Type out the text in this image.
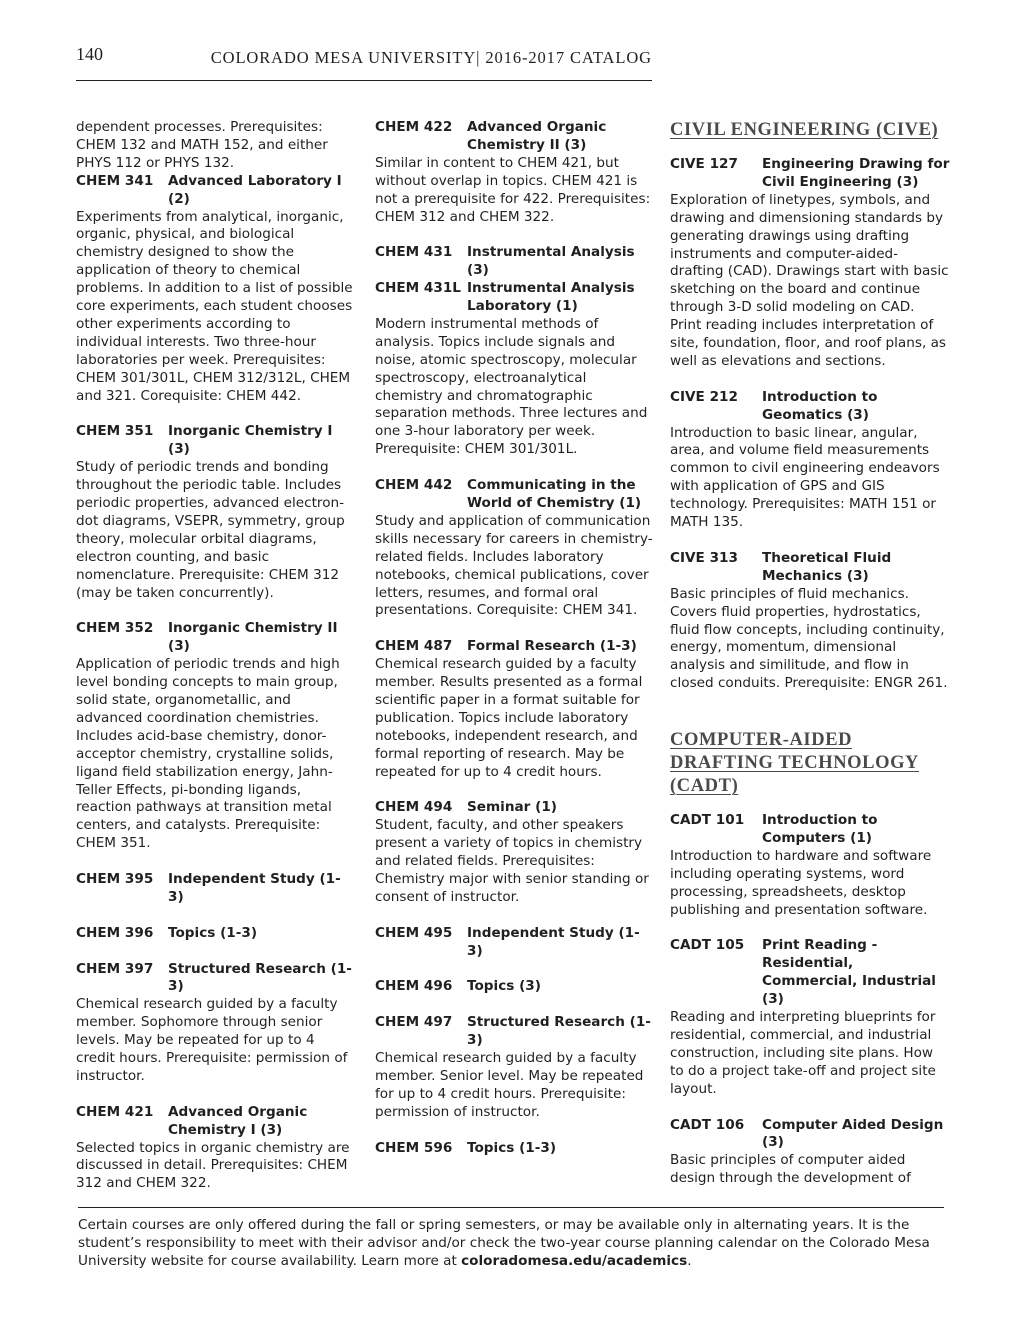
140	COLORADO MESA UNIVERSITY| 2016-2017 CATALOG

dependent processes. Prerequisites: CHEM 132 and MATH 152, and either PHYS 112 or PHYS 132.

CHEM 341	Advanced Laboratory I (2)

Experiments from analytical, inorganic, organic, physical, and biological chemistry designed to show the application of theory to chemical problems. In addition to a list of possible core experiments, each student chooses other experiments according to individual interests. Two three-hour laboratories per week. Prerequisites: CHEM 301/301L, CHEM 312/312L, CHEM and 321. Corequisite: CHEM 442.

CHEM 351	Inorganic Chemistry I (3)

Study of periodic trends and bonding throughout the periodic table. Includes periodic properties, advanced electron-dot diagrams, VSEPR, symmetry, group theory, molecular orbital diagrams, electron counting, and basic nomenclature. Prerequisite: CHEM 312 (may be taken concurrently).

CHEM 352	Inorganic Chemistry II (3)

Application of periodic trends and high level bonding concepts to main group, solid state, organometallic, and advanced coordination chemistries. Includes acid-base chemistry, donor-acceptor chemistry, crystalline solids, ligand field stabilization energy, Jahn-Teller Effects, pi-bonding ligands, reaction pathways at transition metal centers, and catalysts. Prerequisite: CHEM 351.

CHEM 395	Independent Study (1-3)
CHEM 396	Topics (1-3)
CHEM 397	Structured Research (1-3)

Chemical research guided by a faculty member. Sophomore through senior levels. May be repeated for up to 4 credit hours. Prerequisite: permission of instructor.

CHEM 421	Advanced Organic Chemistry I (3)

Selected topics in organic chemistry are discussed in detail. Prerequisites: CHEM 312 and CHEM 322.

CHEM 422	Advanced Organic Chemistry II (3)

Similar in content to CHEM 421, but without overlap in topics. CHEM 421 is not a prerequisite for 422. Prerequisites: CHEM 312 and CHEM 322.

CHEM 431	Instrumental Analysis (3)
CHEM 431L Instrumental Analysis Laboratory (1)

Modern instrumental methods of analysis. Topics include signals and noise, atomic spectroscopy, molecular spectroscopy, electroanalytical chemistry and chromatographic separation methods. Three lectures and one 3-hour laboratory per week. Prerequisite: CHEM 301/301L.

CHEM 442	Communicating in the World of Chemistry (1)

Study and application of communication skills necessary for careers in chemistry-related fields. Includes laboratory notebooks, chemical publications, cover letters, resumes, and formal oral presentations. Corequisite: CHEM 341.

CHEM 487	Formal Research (1-3)

Chemical research guided by a faculty member. Results presented as a formal scientific paper in a format suitable for publication. Topics include laboratory notebooks, independent research, and formal reporting of research. May be repeated for up to 4 credit hours.

CHEM 494	Seminar (1)

Student, faculty, and other speakers present a variety of topics in chemistry and related fields. Prerequisites: Chemistry major with senior standing or consent of instructor.

CHEM 495	Independent Study (1-3)
CHEM 496	Topics (3)
CHEM 497	Structured Research (1-3)

Chemical research guided by a faculty member. Senior level. May be repeated for up to 4 credit hours. Prerequisite: permission of instructor.

CHEM 596	Topics (1-3)
CIVIL ENGINEERING (CIVE)
CIVE 127	Engineering Drawing for Civil Engineering (3)

Exploration of linetypes, symbols, and drawing and dimensioning standards by generating drawings using drafting instruments and computer-aided-drafting (CAD). Drawings start with basic sketching on the board and continue through 3-D solid modeling on CAD. Print reading includes interpretation of site, foundation, floor, and roof plans, as well as elevations and sections.

CIVE 212	Introduction to Geomatics (3)

Introduction to basic linear, angular, area, and volume field measurements common to civil engineering endeavors with application of GPS and GIS technology. Prerequisites: MATH 151 or MATH 135.

CIVE 313	Theoretical Fluid Mechanics (3)

Basic principles of fluid mechanics. Covers fluid properties, hydrostatics, fluid flow concepts, including continuity, energy, momentum, dimensional analysis and similitude, and flow in closed conduits. Prerequisite: ENGR 261.

COMPUTER-AIDED DRAFTING TECHNOLOGY (CADT)
CADT 101	Introduction to Computers (1)

Introduction to hardware and software including operating systems, word processing, spreadsheets, desktop publishing and presentation software.

CADT 105	Print Reading - Residential, Commercial, Industrial (3)

Reading and interpreting blueprints for residential, commercial, and industrial construction, including site plans. How to do a project take-off and project site layout.

CADT 106	Computer Aided Design (3)

Basic principles of computer aided design through the development of

Certain courses are only offered during the fall or spring semesters, or may be available only in alternating years. It is the student’s responsibility to meet with their advisor and/or check the two-year course planning calendar on the Colorado Mesa University website for course availability. Learn more at coloradomesa.edu/academics.
